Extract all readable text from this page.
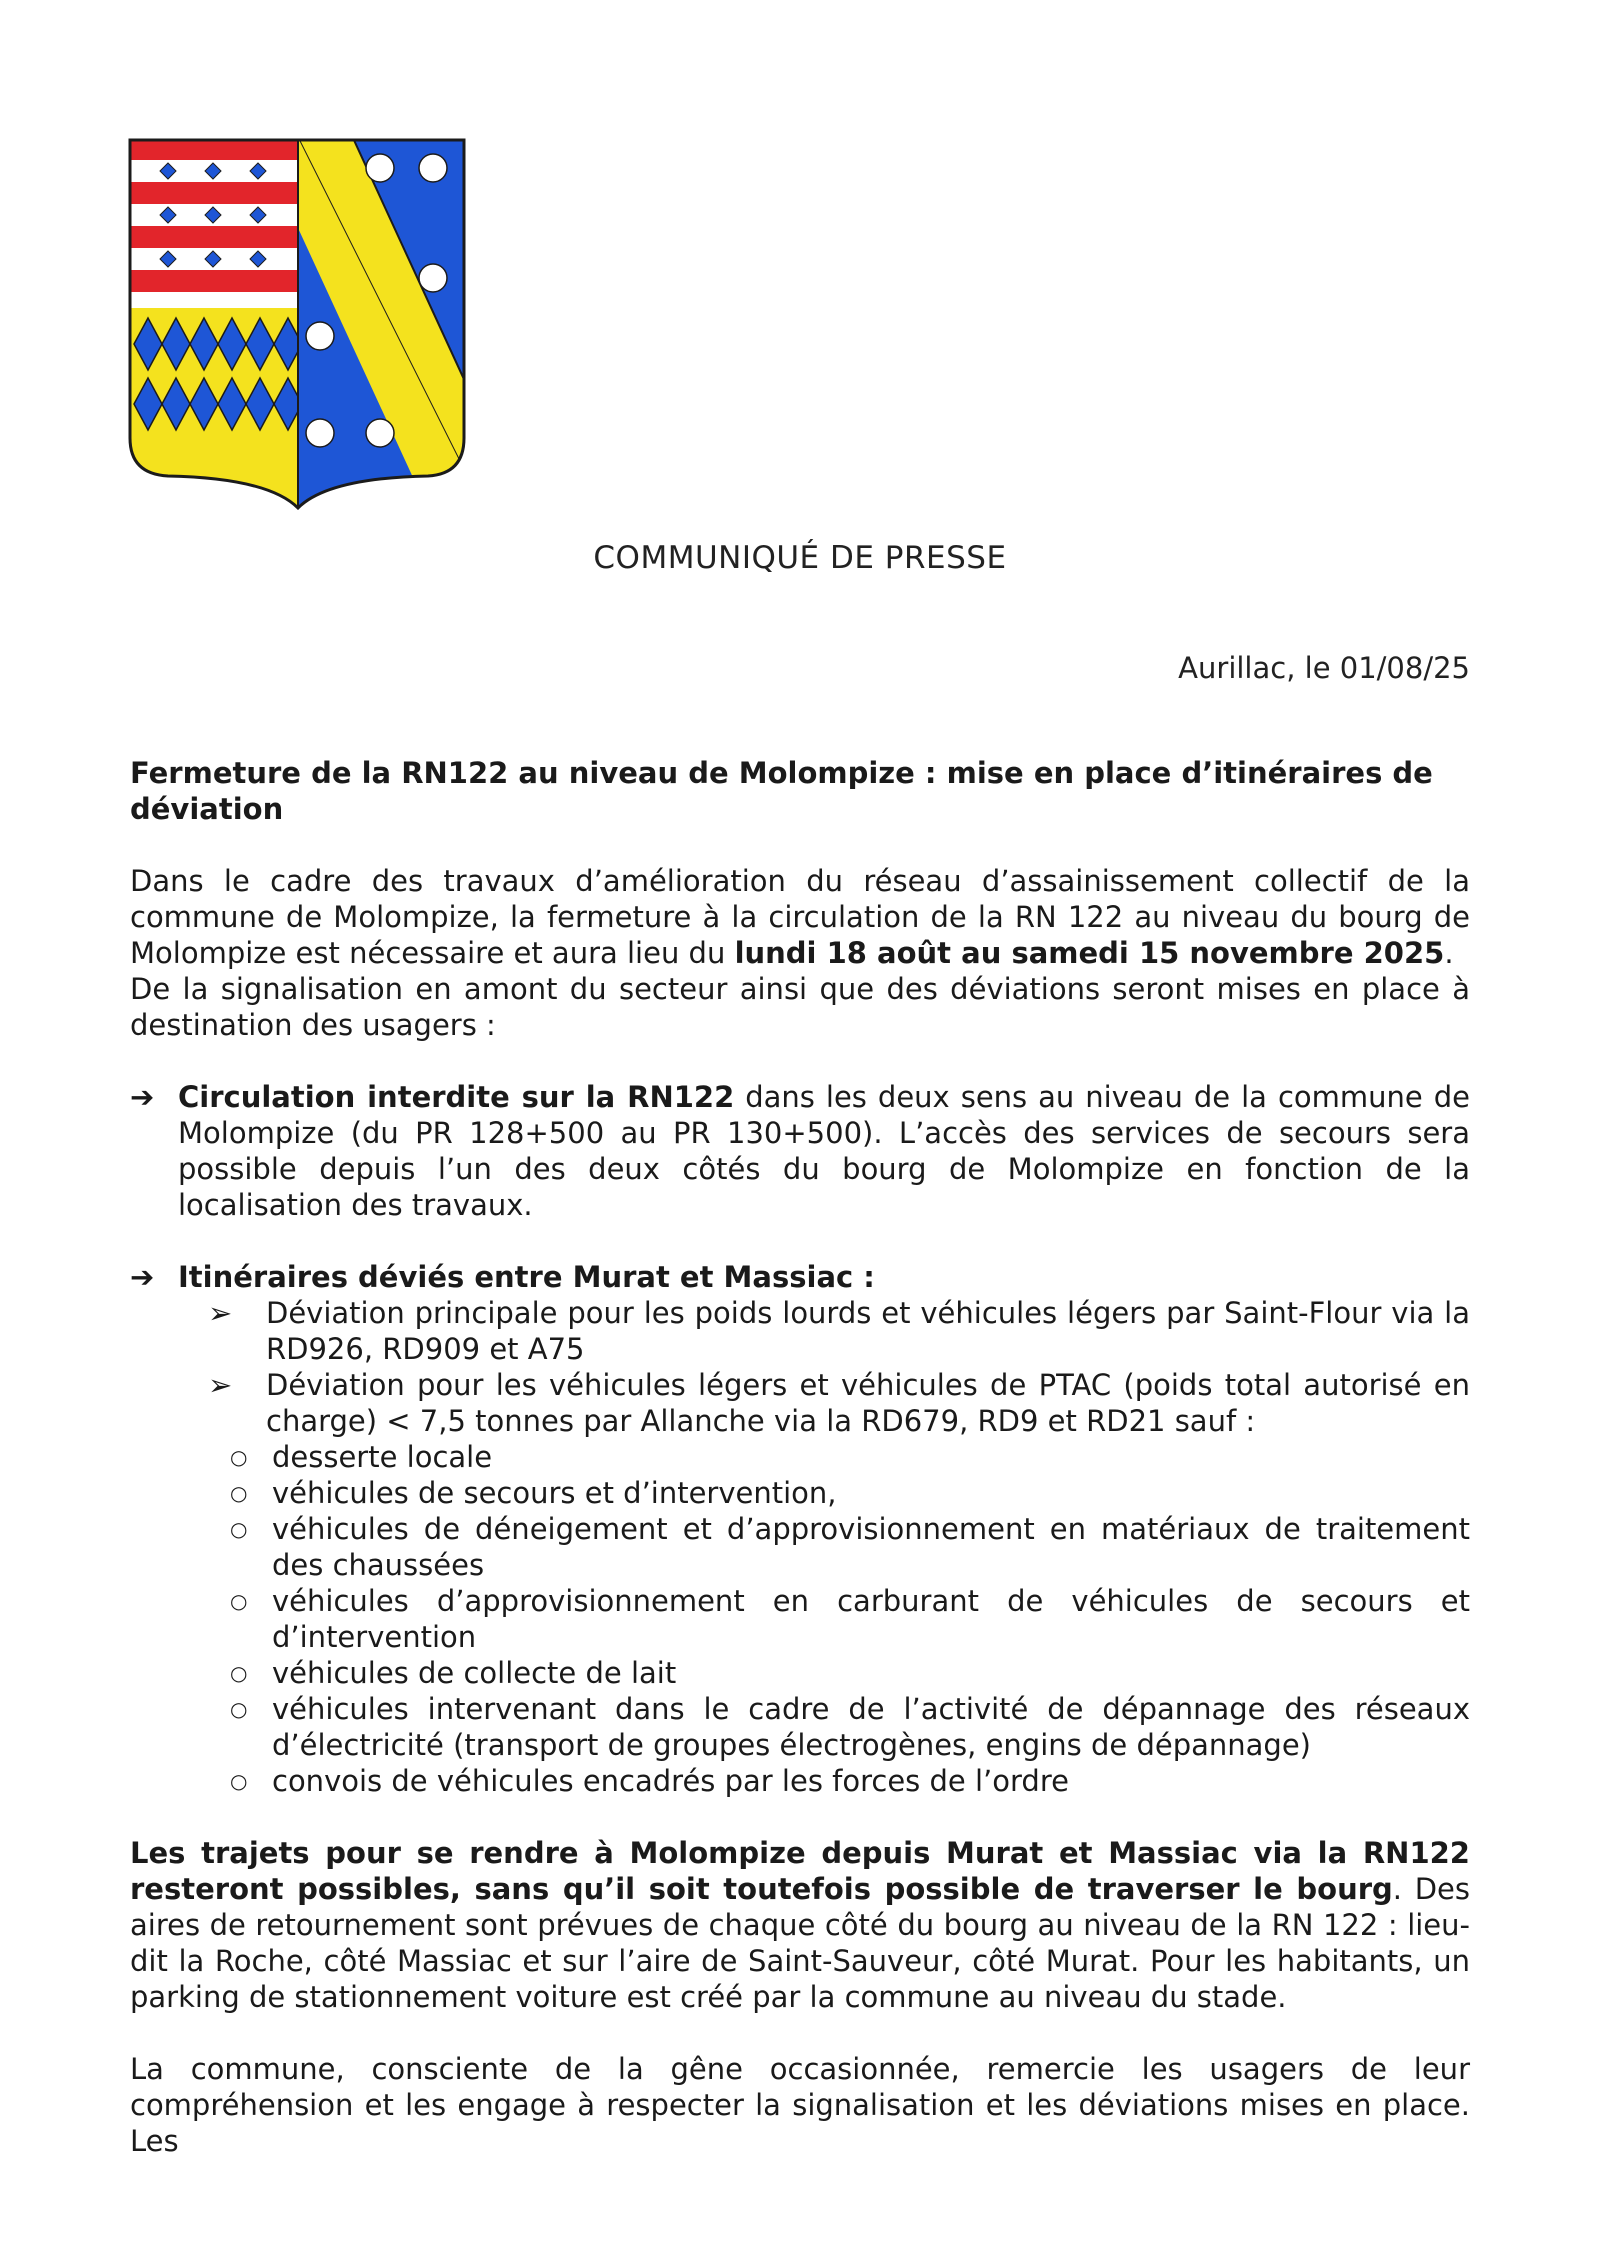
COMMUNIQUÉ DE PRESSE
Aurillac, le 01/08/25

Fermeture de la RN122 au niveau de Molompize : mise en place d’itinéraires de déviation

Dans le cadre des travaux d’amélioration du réseau d’assainissement collectif de la commune de Molompize, la fermeture à la circulation de la RN 122 au niveau du bourg de Molompize est nécessaire et aura lieu du lundi 18 août au samedi 15 novembre 2025.

De la signalisation en amont du secteur ainsi que des déviations seront mises en place à destination des usagers :

➔ Circulation interdite sur la RN122 dans les deux sens au niveau de la commune de Molompize (du PR 128+500 au PR 130+500). L’accès des services de secours sera possible depuis l’un des deux côtés du bourg de Molompize en fonction de la localisation des travaux.

➔ Itinéraires déviés entre Murat et Massiac :

➢	Déviation principale pour les poids lourds et véhicules légers par Saint-Flour via la RD926, RD909 et A75
➢	Déviation pour les véhicules légers et véhicules de PTAC (poids total autorisé en charge) < 7,5 tonnes par Allanche via la RD679, RD9 et RD21 sauf :
○ desserte locale
○ véhicules de secours et d’intervention,
○ véhicules de déneigement et d’approvisionnement en matériaux de traitement des chaussées
○ véhicules d’approvisionnement en carburant de véhicules de secours et d’intervention
○ véhicules de collecte de lait
○ véhicules intervenant dans le cadre de l’activité de dépannage des réseaux d’électricité (transport de groupes électrogènes, engins de dépannage)
○ convois de véhicules encadrés par les forces de l’ordre

Les trajets pour se rendre à Molompize depuis Murat et Massiac via la RN122 resteront possibles, sans qu’il soit toutefois possible de traverser le bourg. Des aires de retournement sont prévues de chaque côté du bourg au niveau de la RN 122 : lieu-dit la Roche, côté Massiac et sur l’aire de Saint-Sauveur, côté Murat. Pour les habitants, un parking de stationnement voiture est créé par la commune au niveau du stade.

La commune, consciente de la gêne occasionnée, remercie les usagers de leur compréhension et les engage à respecter la signalisation et les déviations mises en place. Les
